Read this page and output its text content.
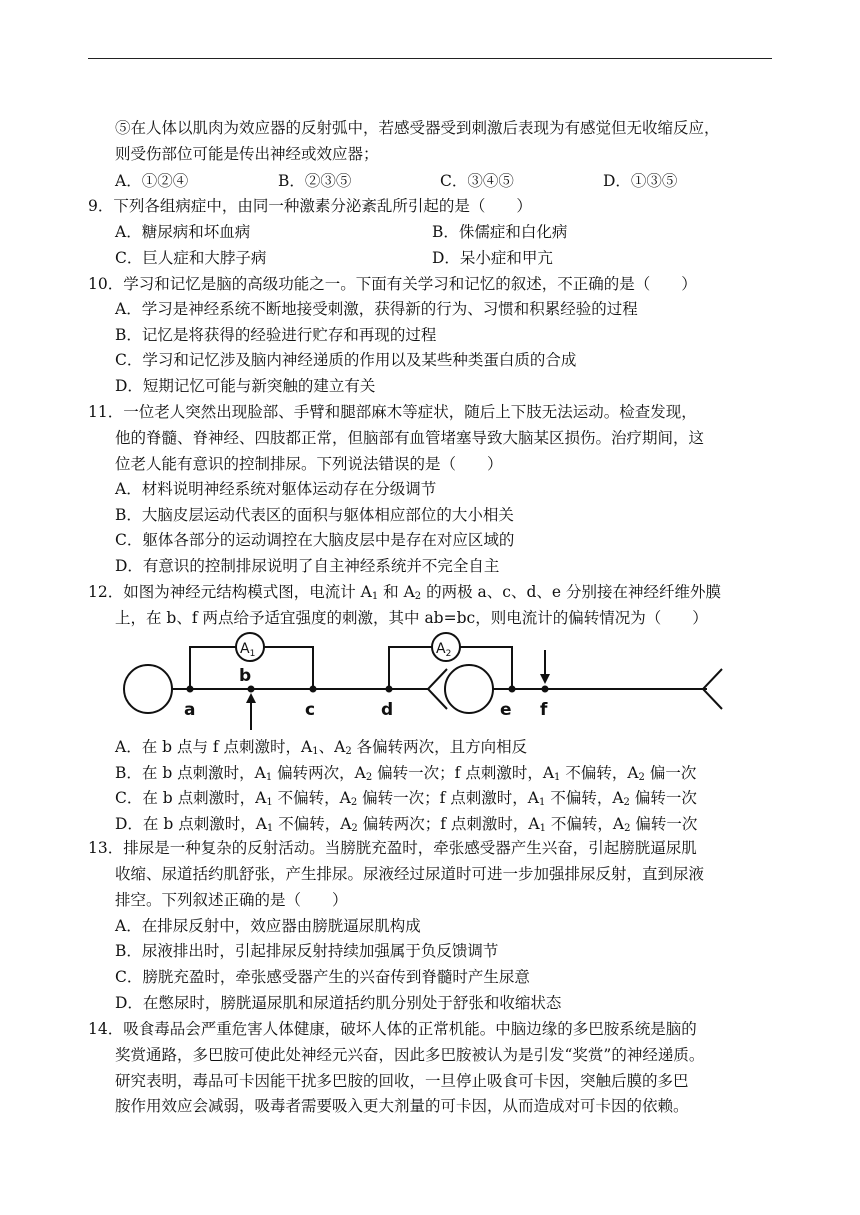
⑤在人体以肌肉为效应器的反射弧中，若感受器受到刺激后表现为有感觉但无收缩反应，
则受伤部位可能是传出神经或效应器；
A．①②④	B．②③⑤	C．③④⑤	D．①③⑤
9．下列各组病症中，由同一种激素分泌紊乱所引起的是（　　）
A．糖尿病和坏血病	B．侏儒症和白化病
C．巨人症和大脖子病	D．呆小症和甲亢
10．学习和记忆是脑的高级功能之一。下面有关学习和记忆的叙述，不正确的是（　　）
A．学习是神经系统不断地接受刺激，获得新的行为、习惯和积累经验的过程
B．记忆是将获得的经验进行贮存和再现的过程
C．学习和记忆涉及脑内神经递质的作用以及某些种类蛋白质的合成
D．短期记忆可能与新突触的建立有关
11．一位老人突然出现脸部、手臂和腿部麻木等症状，随后上下肢无法运动。检查发现，
他的脊髓、脊神经、四肢都正常，但脑部有血管堵塞导致大脑某区损伤。治疗期间，这
位老人能有意识的控制排尿。下列说法错误的是（　　）
A．材料说明神经系统对躯体运动存在分级调节
B．大脑皮层运动代表区的面积与躯体相应部位的大小相关
C．躯体各部分的运动调控在大脑皮层中是存在对应区域的
D．有意识的控制排尿说明了自主神经系统并不完全自主
12．如图为神经元结构模式图，电流计 $A_1$ 和 $A_2$ 的两极 a、c、d、e 分别接在神经纤维外膜
上，在 b、f 两点给予适宜强度的刺激，其中 ab=bc，则电流计的偏转情况为（　　）
$A_1$	$A_2$
a
b
c	d	e f
A．在 b 点与 f 点刺激时，$A_1$、$A_2$ 各偏转两次，且方向相反
B．在 b 点刺激时，$A_1$ 偏转两次，$A_2$ 偏转一次；f 点刺激时，$A_1$ 不偏转，$A_2$ 偏一次
C．在 b 点刺激时，$A_1$ 不偏转，$A_2$ 偏转一次；f 点刺激时，$A_1$ 不偏转，$A_2$ 偏转一次
D．在 b 点刺激时，$A_1$ 不偏转，$A_2$ 偏转两次；f 点刺激时，$A_1$ 不偏转，$A_2$ 偏转一次
13．排尿是一种复杂的反射活动。当膀胱充盈时，牵张感受器产生兴奋，引起膀胱逼尿肌
收缩、尿道括约肌舒张，产生排尿。尿液经过尿道时可进一步加强排尿反射，直到尿液
排空。下列叙述正确的是（　　）
A．在排尿反射中，效应器由膀胱逼尿肌构成
B．尿液排出时，引起排尿反射持续加强属于负反馈调节
C．膀胱充盈时，牵张感受器产生的兴奋传到脊髓时产生尿意
D．在憋尿时，膀胱逼尿肌和尿道括约肌分别处于舒张和收缩状态
14．吸食毒品会严重危害人体健康，破坏人体的正常机能。中脑边缘的多巴胺系统是脑的
奖赏通路，多巴胺可使此处神经元兴奋，因此多巴胺被认为是引发“奖赏”的神经递质。
研究表明，毒品可卡因能干扰多巴胺的回收，一旦停止吸食可卡因，突触后膜的多巴
胺作用效应会减弱，吸毒者需要吸入更大剂量的可卡因，从而造成对可卡因的依赖。
